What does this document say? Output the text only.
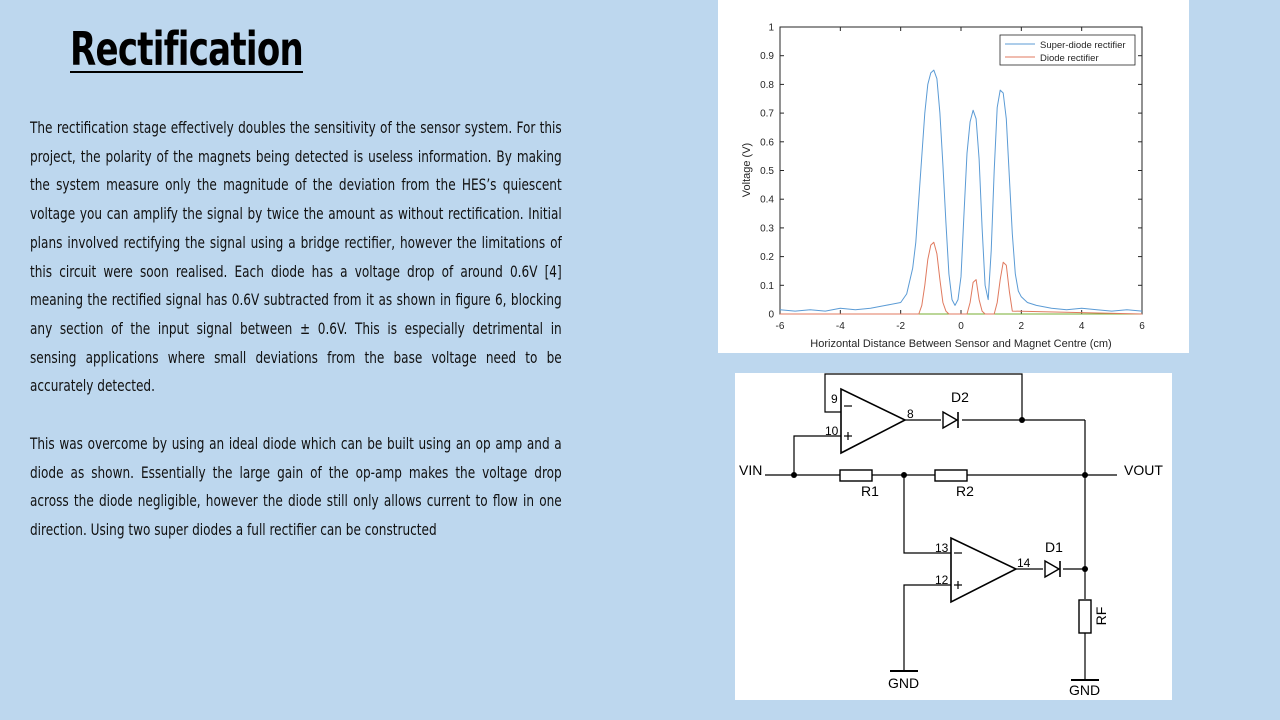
Rectification

The rectification stage effectively doubles the sensitivity of the sensor system. For this project, the polarity of the magnets being detected is useless information. By making the system measure only the magnitude of the deviation from the HES’s quiescent voltage you can amplify the signal by twice the amount as without rectification. Initial plans involved rectifying the signal using a bridge rectifier, however the limitations of this circuit were soon realised. Each diode has a voltage drop of around 0.6V [4] meaning the rectified signal has 0.6V subtracted from it as shown in figure 6, blocking any section of the input signal between ± 0.6V. This is especially detrimental in sensing applications where small deviations from the base voltage need to be accurately detected.

This was overcome by using an ideal diode which can be built using an op amp and a diode as shown. Essentially the large gain of the op-amp makes the voltage drop across the diode negligible, however the diode still only allows current to flow in one direction. Using two super diodes a full rectifier can be constructed

-6	-4	-2	0	2	4	6
0
0.1
0.2
0.3
0.4
0.5
0.6
0.7
0.8
0.9
1
Horizontal Distance Between Sensor and Magnet Centre (cm)
Voltage (V)
Super-diode rectifier
Diode rectifier
VIN	VOUT
R1	R2
D2
D1
RF
GND	GND
9
10
8
13
12
14
